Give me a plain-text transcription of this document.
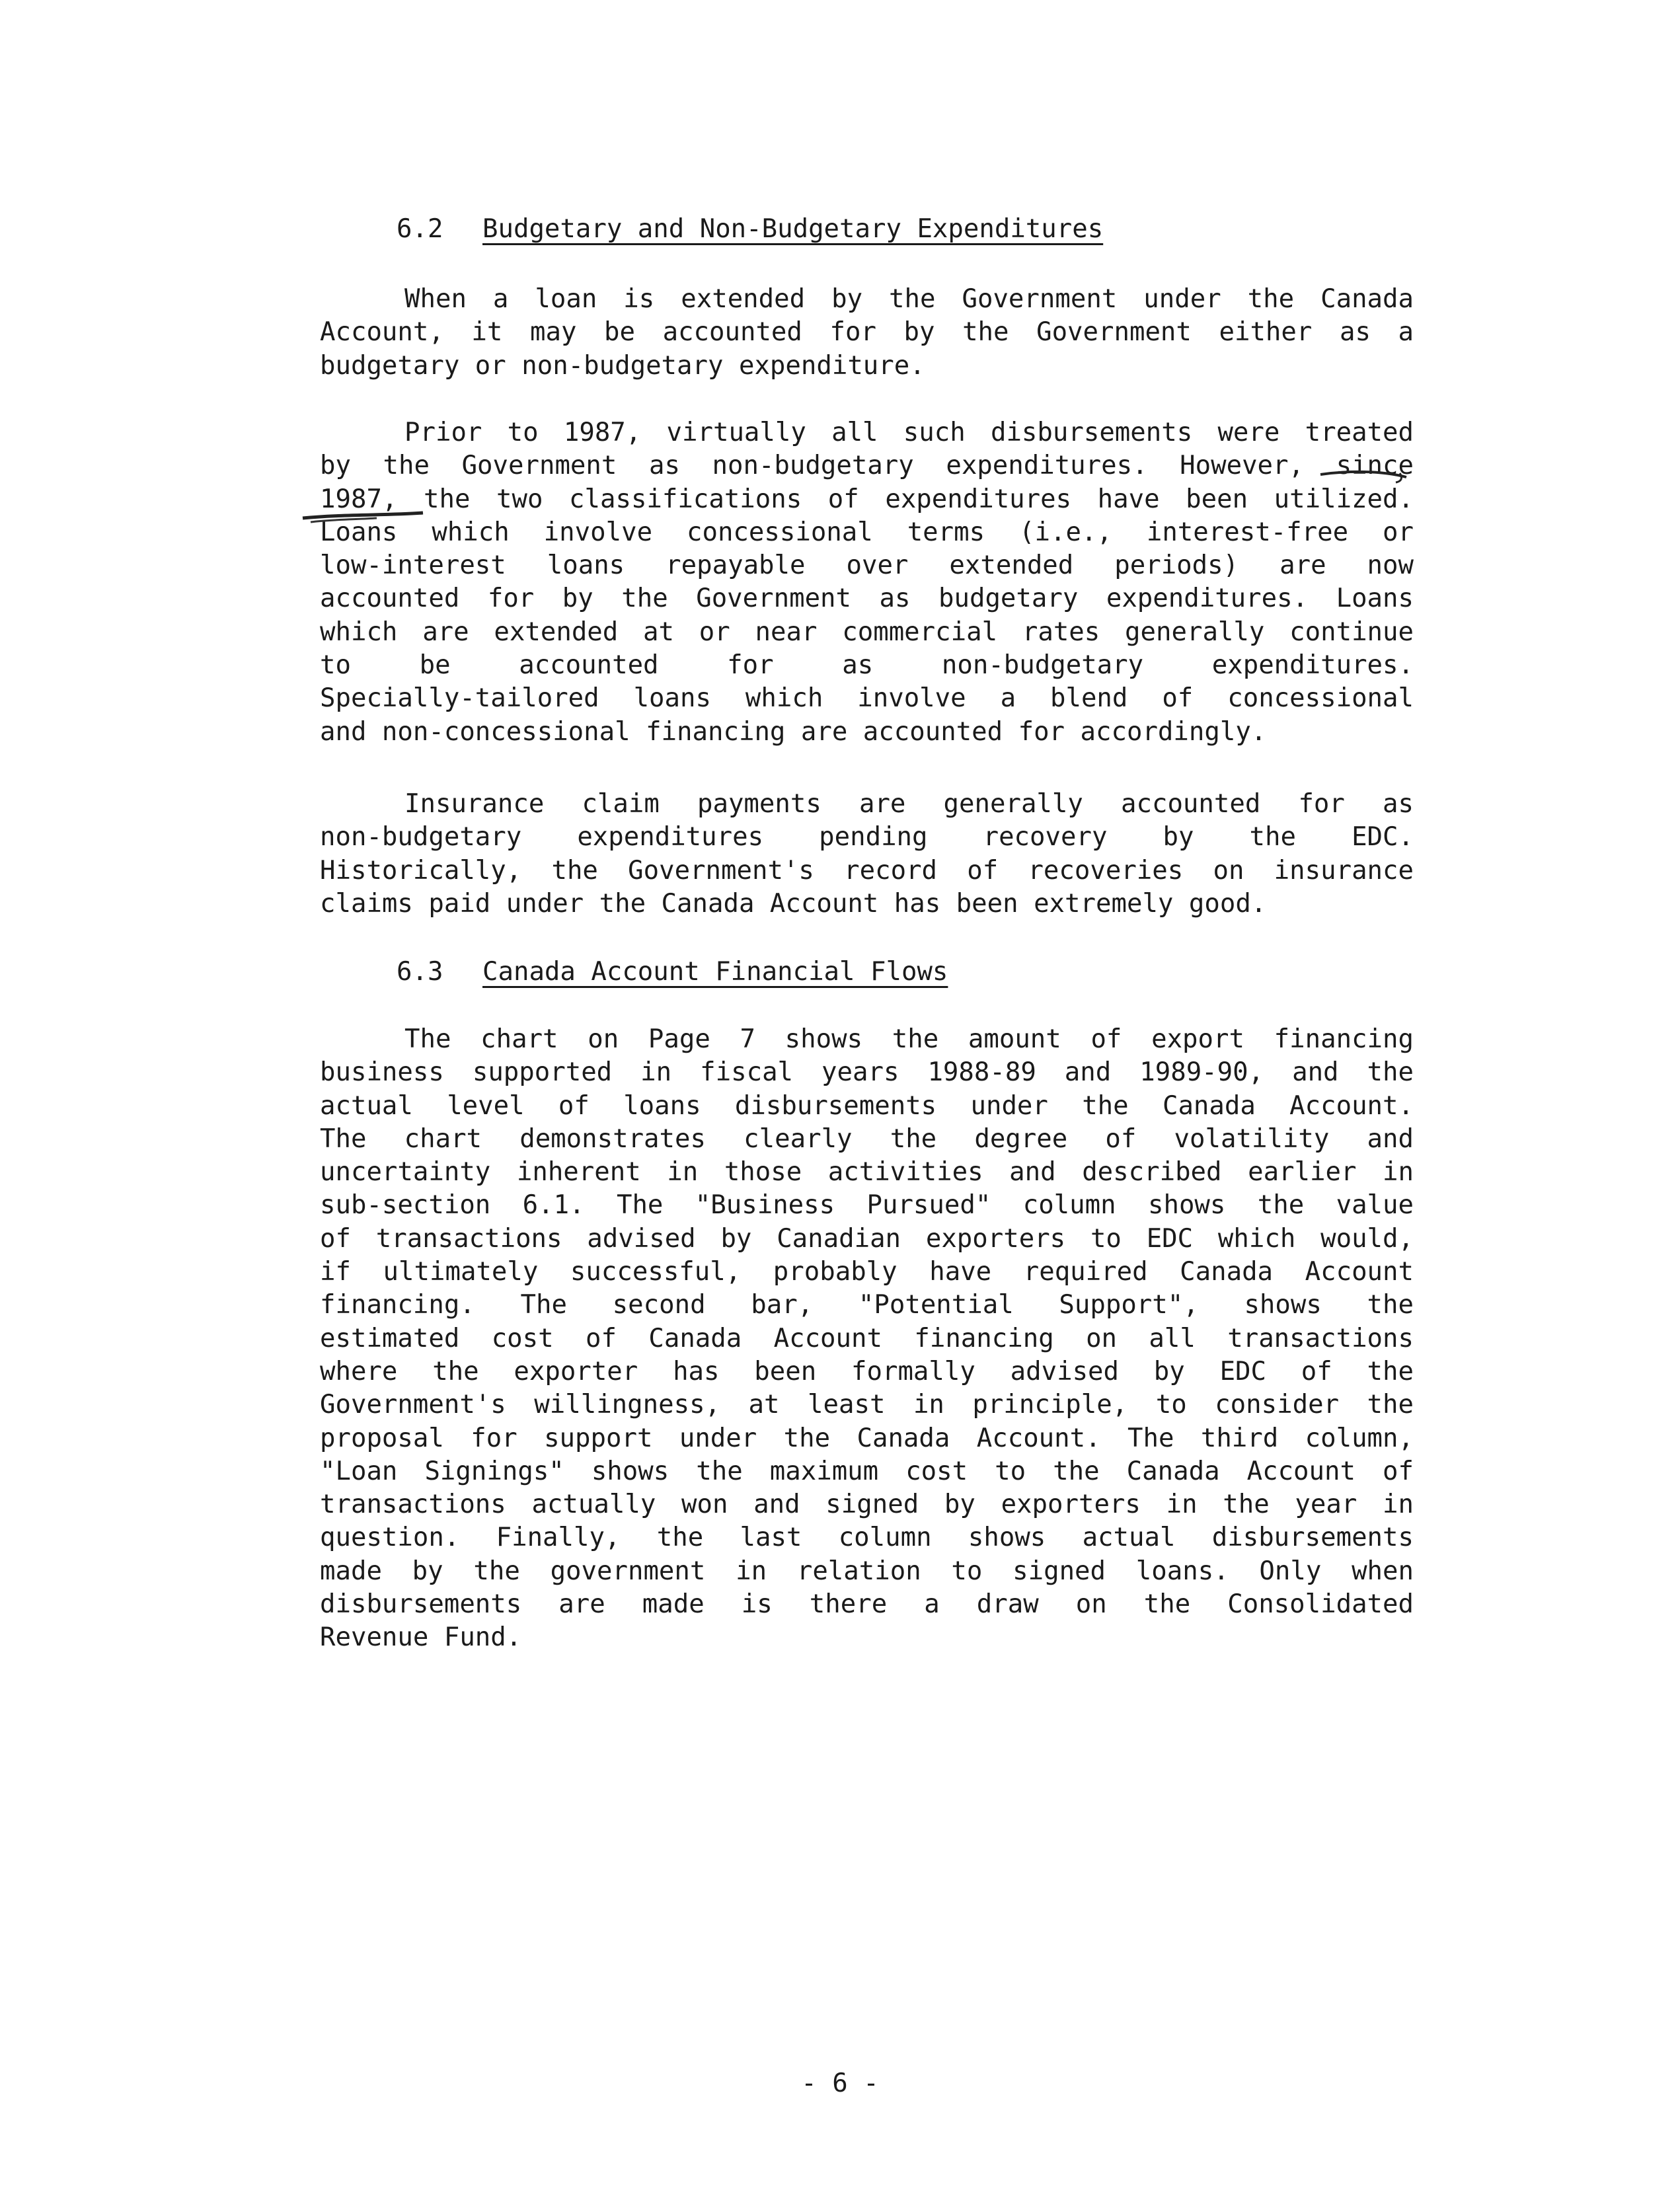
6.2 Budgetary and Non-Budgetary Expenditures
When a loan is extended by the Government under the Canada
Account, it may be accounted for by the Government either as a
budgetary or non-budgetary expenditure.
Prior to 1987, virtually all such disbursements were treated
by the Government as non-budgetary expenditures. However, since
1987, the two classifications of expenditures have been utilized.
Loans which involve concessional terms (i.e., interest-free or
low-interest loans repayable over extended periods) are now
accounted for by the Government as budgetary expenditures. Loans
which are extended at or near commercial rates generally continue
to be accounted for as non-budgetary expenditures.
Specially-tailored loans which involve a blend of concessional
and non-concessional financing are accounted for accordingly.
Insurance claim payments are generally accounted for as
non-budgetary expenditures pending recovery by the EDC.
Historically, the Government's record of recoveries on insurance
claims paid under the Canada Account has been extremely good.
6.3 Canada Account Financial Flows
The chart on Page 7 shows the amount of export financing
business supported in fiscal years 1988-89 and 1989-90, and the
actual level of loans disbursements under the Canada Account.
The chart demonstrates clearly the degree of volatility and
uncertainty inherent in those activities and described earlier in
sub-section 6.1. The "Business Pursued" column shows the value
of transactions advised by Canadian exporters to EDC which would,
if ultimately successful, probably have required Canada Account
financing. The second bar, "Potential Support", shows the
estimated cost of Canada Account financing on all transactions
where the exporter has been formally advised by EDC of the
Government's willingness, at least in principle, to consider the
proposal for support under the Canada Account. The third column,
"Loan Signings" shows the maximum cost to the Canada Account of
transactions actually won and signed by exporters in the year in
question. Finally, the last column shows actual disbursements
made by the government in relation to signed loans. Only when
disbursements are made is there a draw on the Consolidated
Revenue Fund.
- 6 -
